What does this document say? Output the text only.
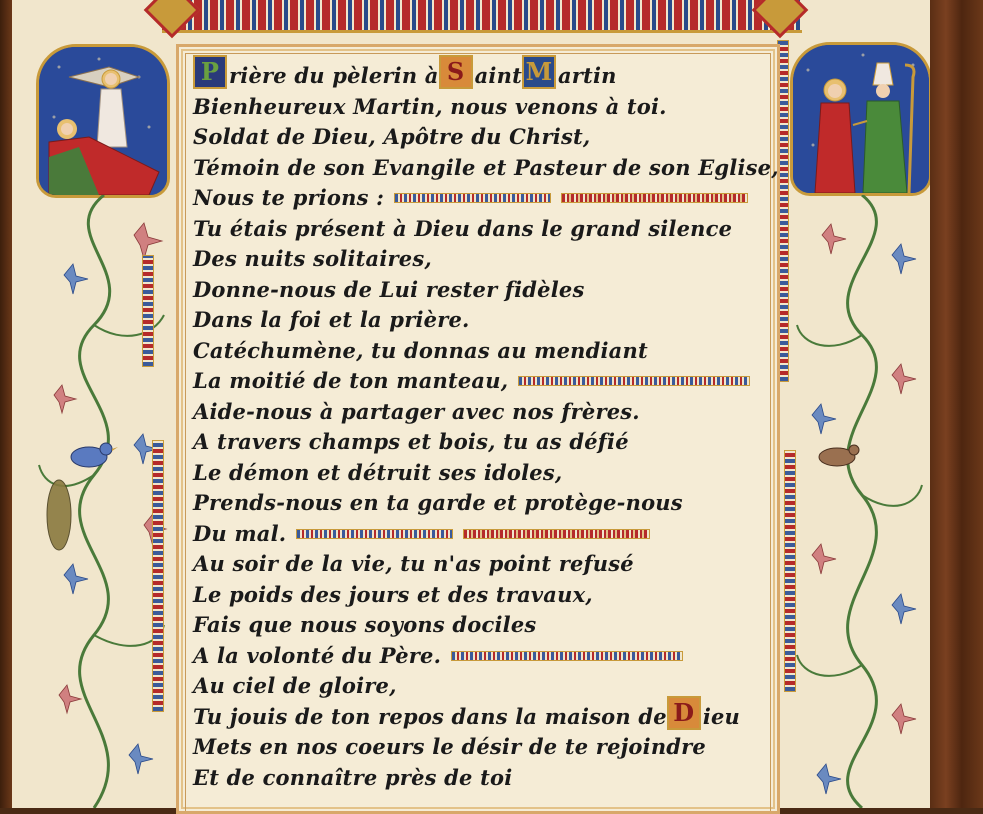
P rière du pèlerin à S aint M artin
Bienheureux Martin, nous venons à toi.
Soldat de Dieu, Apôtre du Christ,
Témoin de son Evangile et Pasteur de son Eglise,
Nous te prions :
Tu étais présent à Dieu dans le grand silence
Des nuits solitaires,
Donne-nous de Lui rester fidèles
Dans la foi et la prière.
Catéchumène, tu donnas au mendiant
La moitié de ton manteau,
Aide-nous à partager avec nos frères.
A travers champs et bois, tu as défié
Le démon et détruit ses idoles,
Prends-nous en ta garde et protège-nous
Du mal.
Au soir de la vie, tu n'as point refusé
Le poids des jours et des travaux,
Fais que nous soyons dociles
A la volonté du Père.
Au ciel de gloire,
Tu jouis de ton repos dans la maison de D ieu
Mets en nos coeurs le désir de te rejoindre
Et de connaître près de toi
